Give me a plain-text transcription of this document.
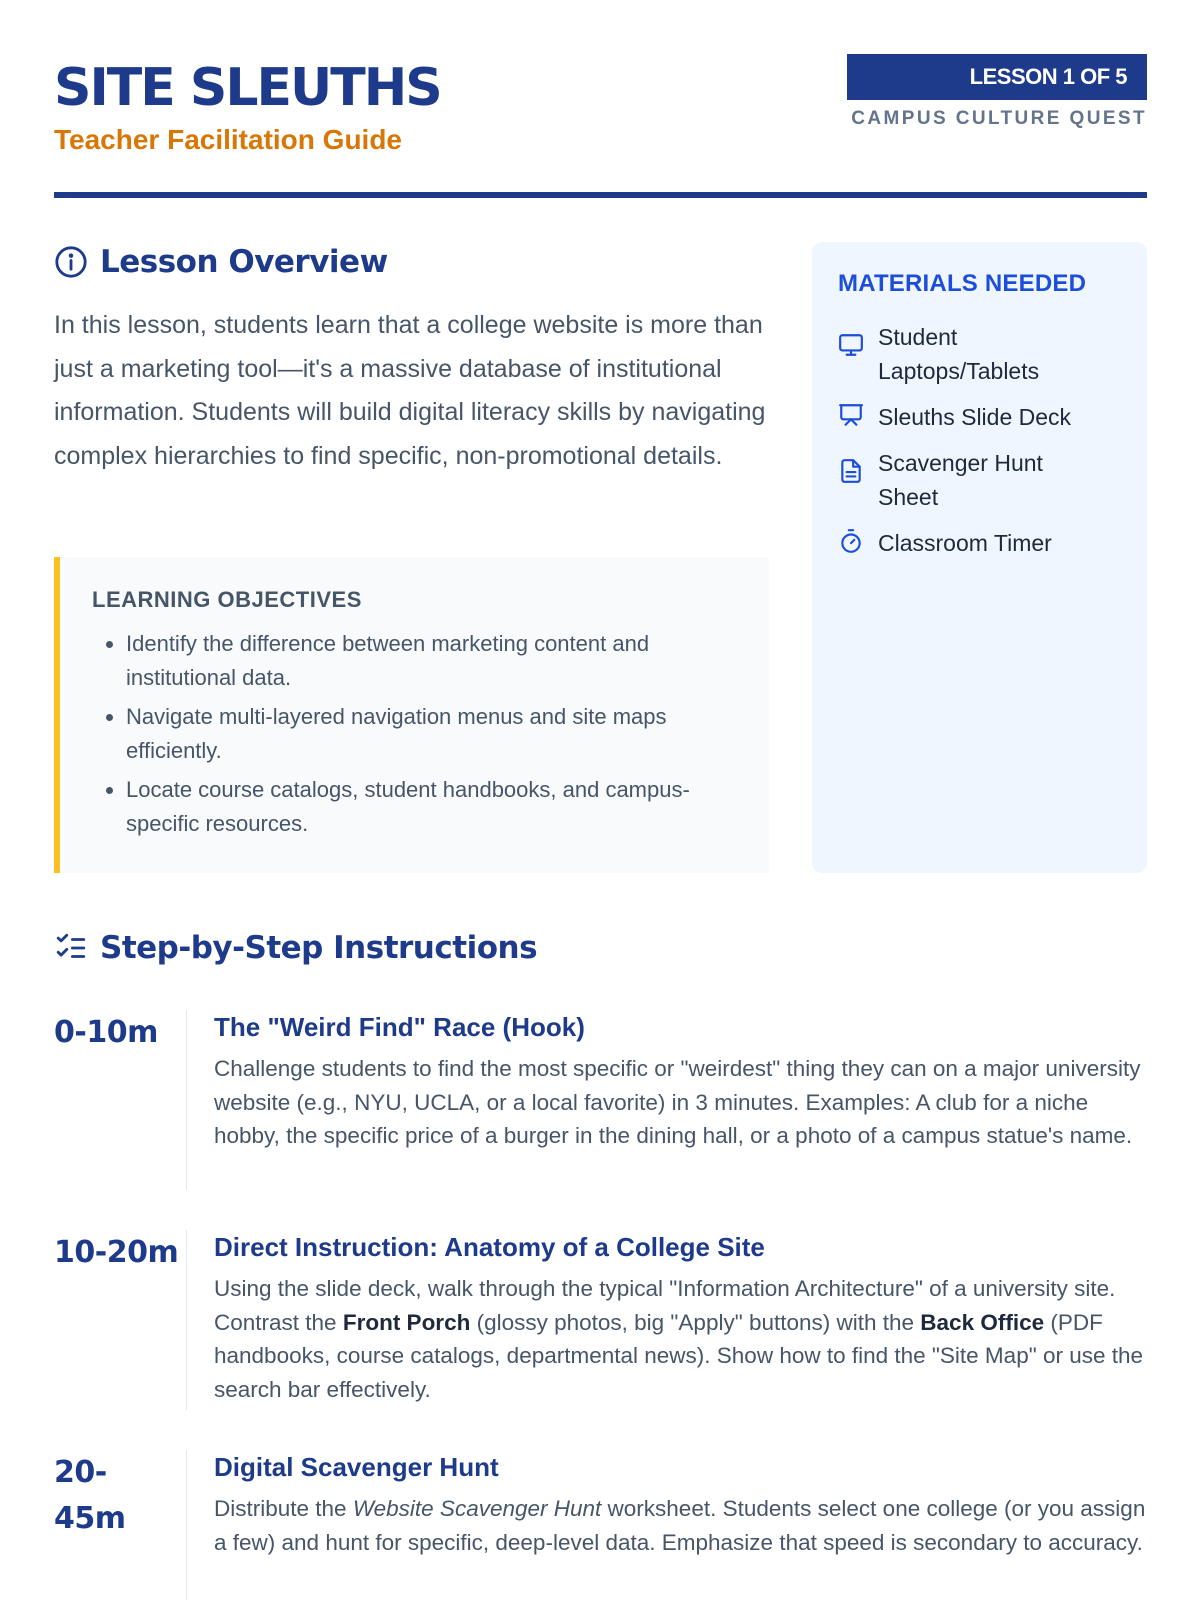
SITE SLEUTHS
Teacher Facilitation Guide
LESSON 1 OF 5
CAMPUS CULTURE QUEST
Lesson Overview

In this lesson, students learn that a college website is more than just a marketing tool—it's a massive database of institutional information. Students will build digital literacy skills by navigating complex hierarchies to find specific, non-promotional details.

LEARNING OBJECTIVES
• Identify the difference between marketing content and institutional data.
• Navigate multi-layered navigation menus and site maps efficiently.
• Locate course catalogs, student handbooks, and campus-specific resources.
MATERIALS NEEDED
Student Laptops/Tablets
Sleuths Slide Deck
Scavenger Hunt Sheet
Classroom Timer
Step-by-Step Instructions
0-10m	The "Weird Find" Race (Hook)

Challenge students to find the most specific or "weirdest" thing they can on a major university website (e.g., NYU, UCLA, or a local favorite) in 3 minutes. Examples: A club for a niche hobby, the specific price of a burger in the dining hall, or a photo of a campus statue's name.

10-20m	Direct Instruction: Anatomy of a College Site

Using the slide deck, walk through the typical "Information Architecture" of a university site. Contrast the Front Porch (glossy photos, big "Apply" buttons) with the Back Office (PDF handbooks, course catalogs, departmental news). Show how to find the "Site Map" or use the search bar effectively.

20-45m
Digital Scavenger Hunt

Distribute the Website Scavenger Hunt worksheet. Students select one college (or you assign a few) and hunt for specific, deep-level data. Emphasize that speed is secondary to accuracy.
